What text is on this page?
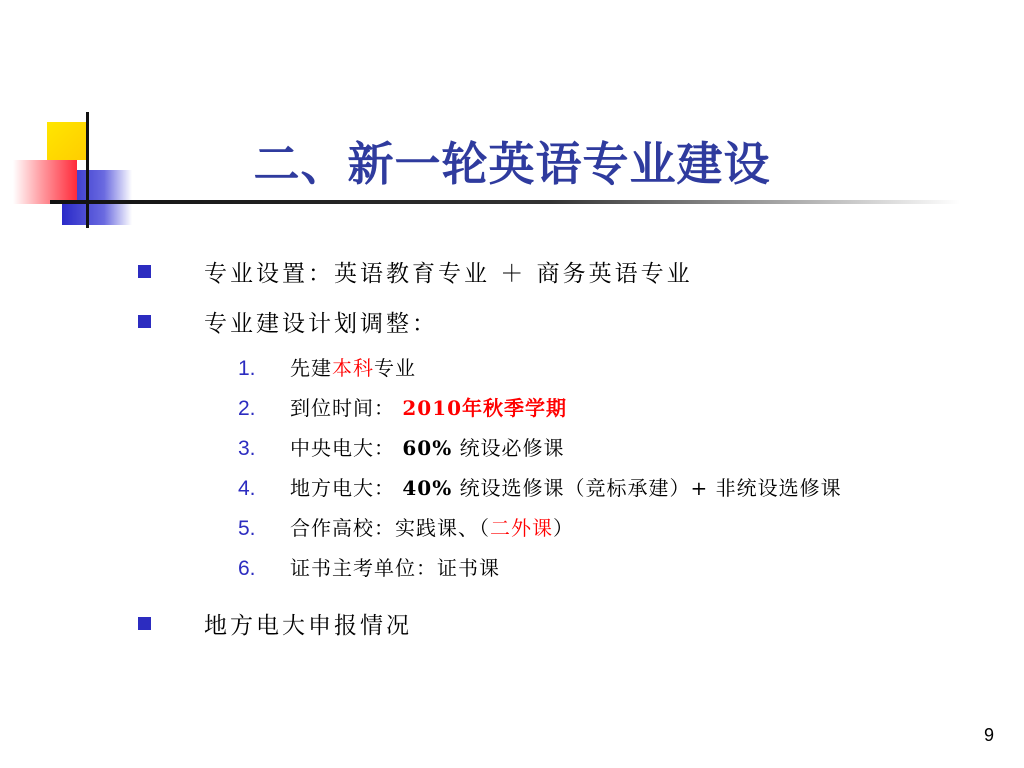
二、新一轮英语专业建设
专业设置：英语教育专业 ＋ 商务英语专业
专业建设计划调整：
1.	先建本科专业
2.	到位时间： 2010年秋季学期
3.	中央电大： 60% 统设必修课
4.	地方电大： 40% 统设选修课（竞标承建）+ 非统设选修课
5.	合作高校：实践课、（二外课）
6.	证书主考单位：证书课
地方电大申报情况
9
